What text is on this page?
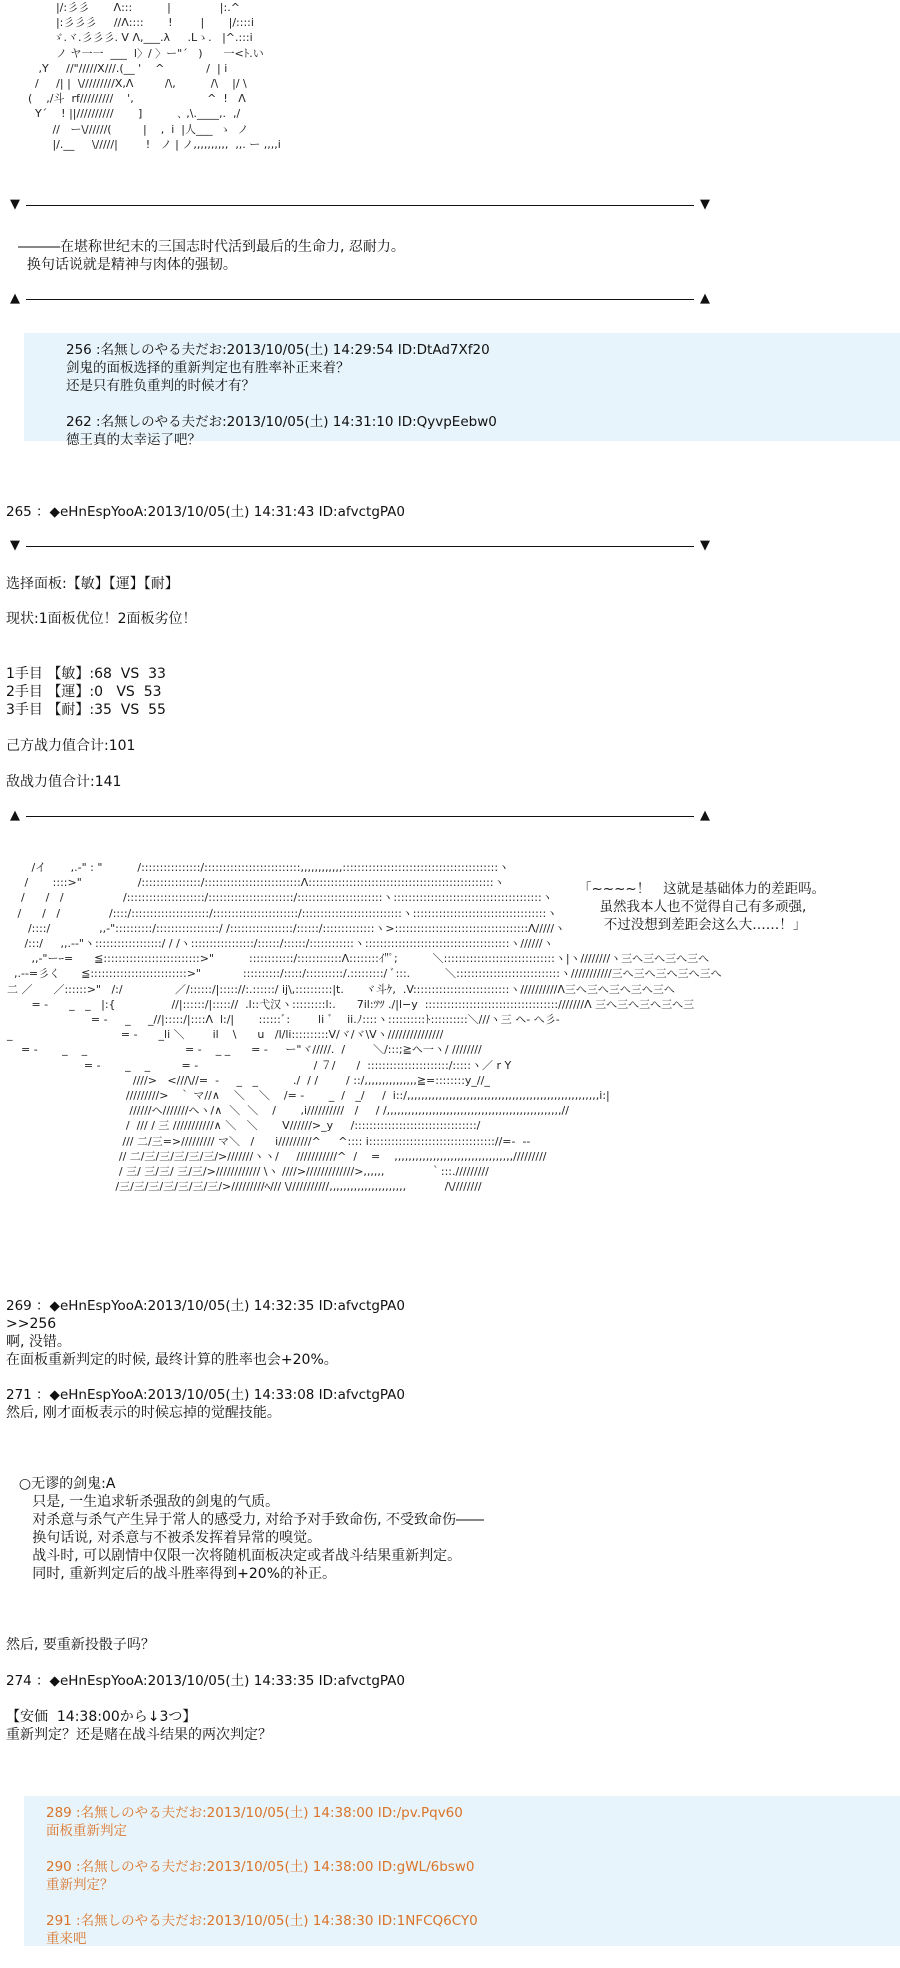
|/:彡彡       Λ:::          |              |:.^
|:彡彡彡     //Λ::::       !        |       |/::::i
ゞ.ヾ.彡彡彡. V Λ,___.λ     .Lゝ.   |^.:::i
ノ ヤ一一  ___  l〉/ 〉ー"´   )      一<ﾄ.い
,Y     //"/////X///.(__ '    ^            /  | i
/     /| |  \/////////X,Λ         /\,          /\    |/ \
(    ,/斗  rf/////////    ',                     ^  !   Λ
Y´    ! ||//////////       ]          ､ ,\.____,.  ,/
//   ー\//////(         |    ,  i  |人___  ゝ  ノ
|/.__     \/////|        !   ノ | ノ,,,,,,,,,,  ,,. ー ,,,,i
▼	▼

―――在堪称世纪末的三国志时代活到最后的生命力, 忍耐力。

换句话说就是精神与肉体的强韧。

▲	▲

256 :名無しのやる夫だお:2013/10/05(土) 14:29:54 ID:DtAd7Xf20

剑鬼的面板选择的重新判定也有胜率补正来着？

还是只有胜负重判的时候才有？

262 :名無しのやる夫だお:2013/10/05(土) 14:31:10 ID:QyvpEebw0

德王真的太幸运了吧？

265 ：◆eHnEspYooA:2013/10/05(土) 14:31:43 ID:afvctgPA0

▼	▼

选择面板:【敏】【運】【耐】

现状:1面板优位！2面板劣位！

1手目 【敏】:68  VS  33

2手目 【運】:0   VS  53

3手目 【耐】:35  VS  55

己方战力值合计:101

敌战力值合计:141

▲	▲
/イ       ,.-" : "          /::::::::::::::::/::::::::::::::::::::::::::,,,,,,,,,,,,::::::::::::::::::::::::::::::::::::::::::ヽ
/       ::::>"                /::::::::::::::::/::::::::::::::::::::::::::Λ::::::::::::::::::::::::::::::::::::::::::::::::::ヽ
/      /   /                 /:::::::::::::::::::::/:::::::::::::::::::::::/:::::::::::::::::::::::ヽ::::::::::::::::::::::::::::::::::::::::ヽ
/      /   /              /::::/:::::::::::::::::::::/:::::::::::::::::::::::/:::::::::::::::::::::::::::ヽ::::::::::::::::::::::::::::::::::::ヽ
/::::/              ,,-"::::::::::/:::::::::::::::::/ /:::::::::::::::::/::::::/::::::::::::::ヽ>::::::::::::::::::::::::::::::::::::Λ/////ヽ
/:::/     ,,.--"ヽ::::::::::::::::::/ / /ヽ:::::::::::::::::/::::::/::::::/::::::::::::ヽ:::::::::::::::::::::::::::::::::::::::ヽ//////ヽ
,,-"ーｰ=      ≦::::::::::::::::::::::::::>"          ::::::::::::/::::::::::::Λ::::::::ｲ"ﾟ;          ＼::::::::::::::::::::::::::::::ヽ|ヽ////////ヽ三へ三へ三へ三へ
,.--=彡く      ≦::::::::::::::::::::::::::>"            ::::::::::/:::::/::::::::::/.:::::::::/ ﾞ:::.          ＼::::::::::::::::::::::::::::ヽ///////////三へ三へ三へ三へ三へ
二 ／      ／::::::>"   /:/               ／/::::::/|::::://:.::::::/ ij\,::::::::::|t.      ヾ斗ｹ,  .V::::::::::::::::::::::::::ヽ//////////Λ三へ三へ三へ三へ三へ
= -      _   _   |:{                //|::::::/|::::://  .l::弋汉ヽ:::::::::l:.      7il:ﾂﾂ ./|l−y  ::::::::::::::::::::::::::::::::::::///////Λ 三へ三へ三へ三へ三
= -     _     _//|:::::/|::::Λ  l:/|       ::::::ﾞ:        li ﾞ    ii.ﾉ::::ヽ::::::::::ﾄ::::::::::＼///ヽ三 ヘ- へ彡-
_                               = -      _li ＼        il    \      u   /l/li::::::::::V/ヾ/ヾ\Vヽ///////////////
= -       _    _                            = -    _ _      = -     ー"ヾ/////.  /        ＼/:::;≧ヘ一ヽ/ ////////
= -       _    _         = -                                 / ７/      /  ::::::::::::::::::::::/:::::ヽ／ r Y
////>   <///\//=  -     _   _          ./  / /        / ::/,,,,,,,,,,,,,,,≧=::::::::y_//_
/////////>   ｀ マ//∧    ＼    ＼    /= -       _  /   _/     /  i::/,,,,,,,,,,,,,,,,,,,,,,,,,,,,,,,,,,,,,,,,,,,,,,,,,,,,,,,i:|
//////ヘ///////ヘヽ/∧  ＼  ＼    /       ,i//////////   /     / /,,,,,,,,,,,,,,,,,,,,,,,,,,,,,,,,,,,,,,,,,,,,,,,,,,//
/  /// / 三 ///////////∧ ＼   ＼       V//////>_y     /:::::::::::::::::::::::::::::::::/
/// 二/三=>///////// マ＼   /      i/////////^     ^:::: i:::::::::::::::::::::::::::::::::://=-  --
// 二/三/三/三/三/三/>///////ヽヽ/     ///////////^  /    =    ,,,,,,,,,,,,,,,,,,,,,,,,,,,,,,,,,,/////////
/ 三/ 三/三/ 三/三/>//////////// \ヽ ////>/////////////>,,,,,,             ｀:::./////////
/三/三/三/三/三/三/三/>/////////ﾍ/// \///////////,,,,,,,,,,,,,,,,,,,,,,           /\////////

「~~~~！   这就是基础体力的差距吗。

虽然我本人也不觉得自己有多顽强,

不过没想到差距会这么大……！」

269 ：◆eHnEspYooA:2013/10/05(土) 14:32:35 ID:afvctgPA0

>>256

啊, 没错。

在面板重新判定的时候, 最终计算的胜率也会+20%。

271 ：◆eHnEspYooA:2013/10/05(土) 14:33:08 ID:afvctgPA0

然后, 刚才面板表示的时候忘掉的觉醒技能。

○无谬的剑鬼:A

只是, 一生追求斩杀强敌的剑鬼的气质。

对杀意与杀气产生异于常人的感受力, 对给予对手致命伤, 不受致命伤――

换句话说, 对杀意与不被杀发挥着异常的嗅觉。

战斗时, 可以剧情中仅限一次将随机面板决定或者战斗结果重新判定。

同时, 重新判定后的战斗胜率得到+20%的补正。

然后, 要重新投骰子吗？

274 ：◆eHnEspYooA:2013/10/05(土) 14:33:35 ID:afvctgPA0

【安価  14:38:00から↓3つ】

重新判定？还是赌在战斗结果的两次判定？

289 :名無しのやる夫だお:2013/10/05(土) 14:38:00 ID:/pv.Pqv60

面板重新判定

290 :名無しのやる夫だお:2013/10/05(土) 14:38:00 ID:gWL/6bsw0

重新判定？

291 :名無しのやる夫だお:2013/10/05(土) 14:38:30 ID:1NFCQ6CY0

重来吧
